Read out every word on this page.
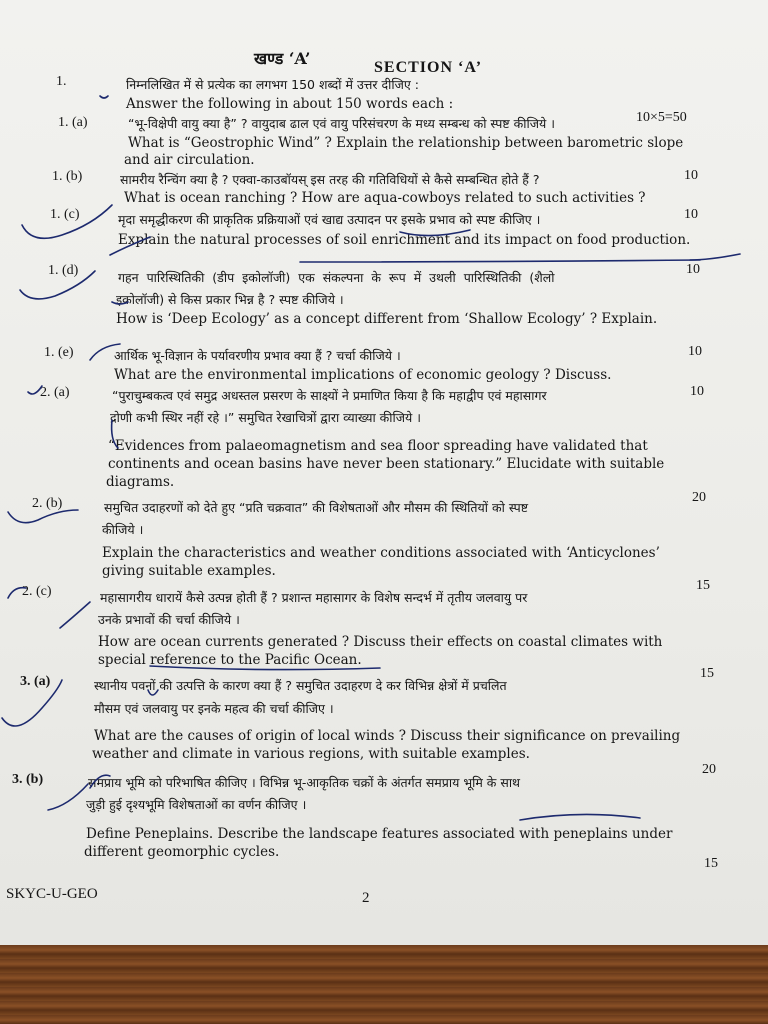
खण्ड ‘A’	SECTION ‘A’
1.	निम्नलिखित में से प्रत्येक का लगभग 150 शब्दों में उत्तर दीजिए :
Answer the following in about 150 words each :
10×5=50
1. (a)	“भू-विक्षेपी वायु क्या है” ? वायुदाब ढाल एवं वायु परिसंचरण के मध्य सम्बन्ध को स्पष्ट कीजिये ।
What is “Geostrophic Wind” ? Explain the relationship between barometric slope
and air circulation.
10
1. (b)	सामरीय रैन्चिंग क्या है ? एक्वा-काउबॉयस् इस तरह की गतिविधियों से कैसे सम्बन्धित होते हैं ?
What is ocean ranching ? How are aqua-cowboys related to such activities ?
10
1. (c)	मृदा समृद्धीकरण की प्राकृतिक प्रक्रियाओं एवं खाद्य उत्पादन पर इसके प्रभाव को स्पष्ट कीजिए ।
Explain the natural processes of soil enrichment and its impact on food production.
10
1. (d)	गहन पारिस्थितिकी (डीप इकोलॉजी) एक संकल्पना के रूप में उथली पारिस्थितिकी (शैलो
इकोलॉजी) से किस प्रकार भिन्न है ? स्पष्ट कीजिये ।
How is ‘Deep Ecology’ as a concept different from ‘Shallow Ecology’ ? Explain.
10
1. (e)	आर्थिक भू-विज्ञान के पर्यावरणीय प्रभाव क्या हैं ? चर्चा कीजिये ।
What are the environmental implications of economic geology ? Discuss.
10
2. (a)	“पुराचुम्बकत्व एवं समुद्र अधस्तल प्रसरण के साक्ष्यों ने प्रमाणित किया है कि महाद्वीप एवं महासागर
द्रोणी कभी स्थिर नहीं रहे ।” समुचित रेखाचित्रों द्वारा व्याख्या कीजिये ।
“Evidences from palaeomagnetism and sea floor spreading have validated that
continents and ocean basins have never been stationary.” Elucidate with suitable
diagrams.
20
2. (b)	समुचित उदाहरणों को देते हुए “प्रति चक्रवात” की विशेषताओं और मौसम की स्थितियों को स्पष्ट
कीजिये ।
Explain the characteristics and weather conditions associated with ‘Anticyclones’
giving suitable examples.
15
2. (c)	महासागरीय धारायें कैसे उत्पन्न होती हैं ? प्रशान्त महासागर के विशेष सन्दर्भ में तृतीय जलवायु पर
उनके प्रभावों की चर्चा कीजिये ।
How are ocean currents generated ? Discuss their effects on coastal climates with
special reference to the Pacific Ocean.
15
3. (a)	स्थानीय पवनों की उत्पत्ति के कारण क्या हैं ? समुचित उदाहरण दे कर विभिन्न क्षेत्रों में प्रचलित
मौसम एवं जलवायु पर इनके महत्व की चर्चा कीजिए ।
What are the causes of origin of local winds ? Discuss their significance on prevailing
weather and climate in various regions, with suitable examples.
20
3. (b)	समप्राय भूमि को परिभाषित कीजिए । विभिन्न भू-आकृतिक चक्रों के अंतर्गत समप्राय भूमि के साथ
जुड़ी हुई दृश्यभूमि विशेषताओं का वर्णन कीजिए ।
Define Peneplains. Describe the landscape features associated with peneplains under
different geomorphic cycles.
15
SKYC-U-GEO	2
